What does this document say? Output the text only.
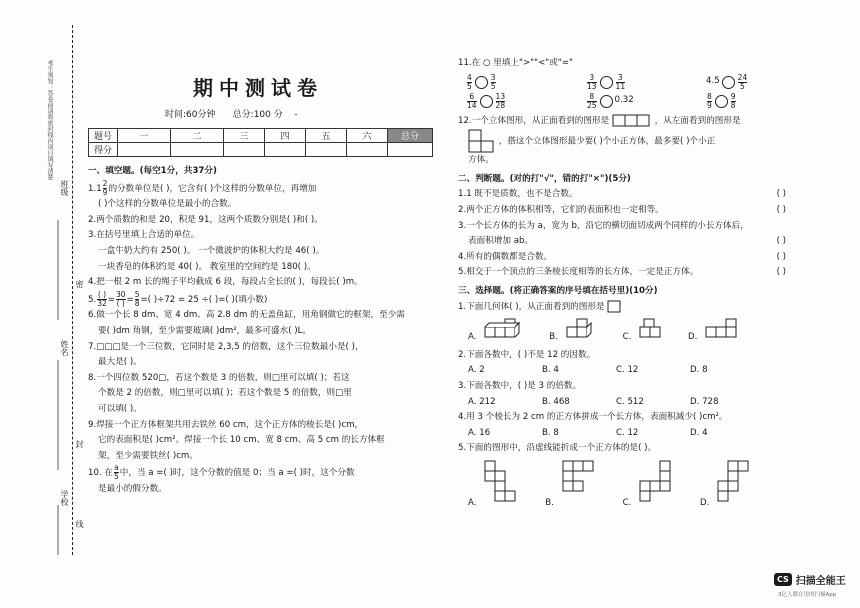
考生须知：答卷前请将密封线内项目填写清楚
班级
姓名
学校
密
封
线
期中测试卷
时间:60分钟 总分:100 分 -
题号	一	二	三	四	五	六	总分
得分							

一、填空题。(每空1分，共37分)

$1.1 \frac{2}{9}$ 的分数单位是( )，它含有( )个这样的分数单位，再增加

( )个这样的分数单位是最小的合数。

2.两个质数的和是 20，积是 91，这两个质数分别是( )和( )。

3.在括号里填上合适的单位。

一盒牛奶大约有 250( )。 一个微波炉的体积大约是 46( )。

一块香皂的体积约是 40( )。 教室里的空间约是 180( )。

4.把一根 2 m 长的绳子平均截成 6 段，每段占全长的( )，每段长( )m。

5.
( )
32 =
30
( ) = $\frac{5}{8}$ =( )÷72 = 25 ÷( )=( )(填小数)

6.做一个长 8 dm、宽 4 dm、高 2.8 dm 的无盖鱼缸，用角钢做它的框架，至少需

要( )dm 角钢，至少需要玻璃( )dm²，最多可盛水( )L。

7.□□□是一个三位数，它同时是 2,3,5 的倍数，这个三位数最小是( )，

最大是( )。

8.一个四位数 520□，若这个数是 3 的倍数，则□里可以填( )；若这

个数是 2 的倍数，则□里可以填( )；若这个数是 5 的倍数，则□里

可以填( )。

9.焊接一个正方体框架共用去铁丝 60 cm，这个正方体的棱长是( )cm，

它的表面积是( )cm²。焊接一个长 10 cm、宽 8 cm、高 5 cm 的长方体框

架，至少需要铁丝( )cm。

10. 在 $\frac{a}{5}$ 中，当 a =( )时，这个分数的值是 0；当 a =( )时，这个分数

是最小的假分数。

11.在 ○ 里填上">""<"或"="

$\frac{4}{5}$	$\frac{3}{5}$	$\frac{3}{13}$	$\frac{3}{11}$	$4.5 \frac{24}{5}$
$\frac{6}{14}$	$\frac{13}{28}$	$\frac{8}{25} 0.32$	$\frac{8}{9}$	$\frac{9}{8}$

12.一个立体图形，从正面看到的图形是	，从左面看到的图形是

，搭这个立体图形最少要( )个小正方体，最多要( )个小正

方体。

二、判断题。(对的打"√"，错的打"×")(5分)

1.1 既不是质数，也不是合数。	( )
2.两个正方体的体积相等，它们的表面积也一定相等。	( )
3.一个长方体的长为 a，宽为 b，沿它的横切面切成两个同样的小长方体后，
表面积增加 ab。	( )
4.所有的偶数都是合数。	( )
5.相交于一个顶点的三条棱长度相等的长方体，一定是正方体。	( )

三、选择题。(将正确答案的序号填在括号里)(10分)

1.下面几何体( )，从正面看到的图形是

A.	B.	C.	D.

2.下面各数中，( )不是 12 的因数。

A. 2	B. 4	C. 12	D. 8

3.下面各数中，( )是 3 的倍数。

A. 212	B. 468	C. 512	D. 728

4.用 3 个棱长为 2 cm 的正方体拼成一个长方体，表面积减少( )cm²。

A. 16	B. 8	C. 12	D. 4

5.下面的图形中，沿虚线能折成一个正方体的是( )。

A.	B.	C.	D.
CS 扫描全能王
3亿人都在用的扫描App
